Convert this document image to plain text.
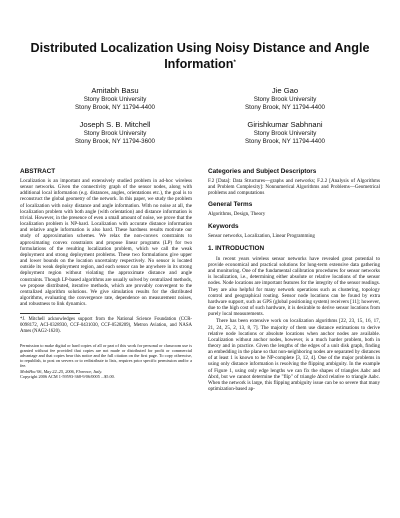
Distributed Localization Using Noisy Distance and Angle Information*
Amitabh Basu
Stony Brook University
Stony Brook, NY 11794-4400
Jie Gao
Stony Brook University
Stony Brook, NY 11794-4400
Joseph S. B. Mitchell
Stony Brook University
Stony Brook, NY 11794-3600
Girishkumar Sabhnani
Stony Brook University
Stony Brook, NY 11794-4400
ABSTRACT
Localization is an important and extensively studied problem in ad-hoc wireless sensor networks. Given the connectivity graph of the sensor nodes, along with additional local information (e.g. distances, angles, orientations etc.), the goal is to reconstruct the global geometry of the network. In this paper, we study the problem of localization with noisy distance and angle information. With no noise at all, the localization problem with both angle (with orientation) and distance information is trivial. However, in the presence of even a small amount of noise, we prove that the localization problem is NP-hard. Localization with accurate distance information and relative angle information is also hard. These hardness results motivate our study of approximation schemes. We relax the non-convex constraints to approximating convex constraints and propose linear programs (LP) for two formulations of the resulting localization problem, which we call the weak deployment and strong deployment problems. These two formulations give upper and lower bounds on the location uncertainty respectively. No sensor is located outside its weak deployment region, and each sensor can be anywhere in its strong deployment region without violating the approximate distance and angle constraints. Though LP-based algorithms are usually solved by centralized methods, we propose distributed, iterative methods, which are provably convergent to the centralized algorithm solutions. We give simulation results for the distributed algorithms, evaluating the convergence rate, dependence on measurement noises, and robustness to link dynamics.
*J. Mitchell acknowledges support from the National Science Foundation (CCR-0098172, ACI-0328930, CCF-0431030, CCF-0528209), Metron Aviation, and NASA Ames (NAG2-1620).
Permission to make digital or hard copies of all or part of this work for personal or classroom use is granted without fee provided that copies are not made or distributed for profit or commercial advantage and that copies bear this notice and the full citation on the first page. To copy otherwise, to republish, to post on servers or to redistribute to lists, requires prior specific permission and/or a fee.
MobiHoc'06, May 22–25, 2006, Florence, Italy.
Copyright 2006 ACM 1-59593-368-9/06/0005 ...$5.00.
Categories and Subject Descriptors
F.2 [Data]: Data Structures—graphs and networks; F.2.2 [Analysis of Algorithms and Problem Complexity]: Nonnumerical Algorithms and Problems—Geometrical problems and computations
General Terms
Algorithms, Design, Theory
Keywords
Sensor networks, Localization, Linear Programming
1. INTRODUCTION
In recent years wireless sensor networks have revealed great potential to provide economical and practical solutions for long-term extensive data gathering and monitoring. One of the fundamental calibration procedures for sensor networks is localization, i.e., determining either absolute or relative locations of the sensor nodes. Node locations are important features for the integrity of the sensor readings. They are also helpful for many network operations such as clustering, topology control and geographical routing. Sensor node locations can be found by extra hardware support, such as GPS (global positioning system) receivers [11]; however, due to the high cost of such hardware, it is desirable to derive sensor locations from purely local measurements.
There has been extensive work on localization algorithms [22, 23, 15, 16, 17, 21, 24, 25, 2, 13, 8, 7]. The majority of them use distance estimations to derive relative node locations or absolute locations when anchor nodes are available. Localization without anchor nodes, however, is a much harder problem, both in theory and in practice. Given the lengths of the edges of a unit disk graph, finding an embedding in the plane so that non-neighboring nodes are separated by distances of at least 1 is known to be NP-complete [3, 12, 4]. One of the major problems in using only distance information is resolving the flipping ambiguity. In the example of Figure 1, using only edge lengths we can fix the shapes of triangles ∆abc and ∆bcd, but we cannot determine the "flip" of triangle ∆bcd relative to triangle ∆abc. When the network is large, this flipping ambiguity issue can be so severe that many optimization-based ap-
